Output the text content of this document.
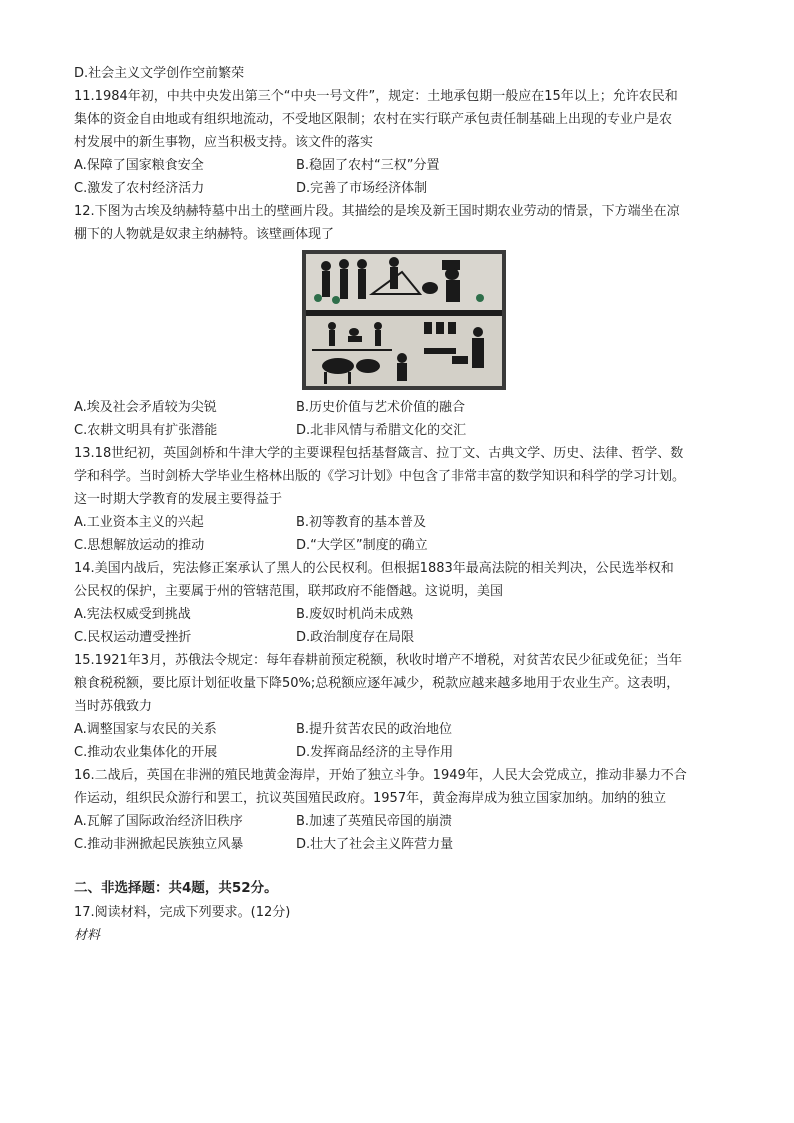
D.社会主义文学创作空前繁荣
11.1984年初，中共中央发出第三个“中央一号文件”，规定：土地承包期一般应在15年以上；允许农民和
集体的资金自由地或有组织地流动，不受地区限制；农村在实行联产承包责任制基础上出现的专业户是农
村发展中的新生事物，应当积极支持。该文件的落实
A.保障了国家粮食安全	B.稳固了农村“三权”分置
C.激发了农村经济活力	D.完善了市场经济体制
12.下图为古埃及纳赫特墓中出土的壁画片段。其描绘的是埃及新王国时期农业劳动的情景，下方端坐在凉
棚下的人物就是奴隶主纳赫特。该壁画体现了
A.埃及社会矛盾较为尖锐	B.历史价值与艺术价值的融合
C.农耕文明具有扩张潜能	D.北非风情与希腊文化的交汇
13.18世纪初，英国剑桥和牛津大学的主要课程包括基督箴言、拉丁文、古典文学、历史、法律、哲学、数
学和科学。当时剑桥大学毕业生格林出版的《学习计划》中包含了非常丰富的数学知识和科学的学习计划。
这一时期大学教育的发展主要得益于
A.工业资本主义的兴起	B.初等教育的基本普及
C.思想解放运动的推动	D.“大学区”制度的确立
14.美国内战后，宪法修正案承认了黑人的公民权利。但根据1883年最高法院的相关判决，公民选举权和
公民权的保护，主要属于州的管辖范围，联邦政府不能僭越。这说明，美国
A.宪法权威受到挑战	B.废奴时机尚未成熟
C.民权运动遭受挫折	D.政治制度存在局限
15.1921年3月，苏俄法令规定：每年春耕前预定税额，秋收时增产不增税，对贫苦农民少征或免征；当年
粮食税税额，要比原计划征收量下降50%;总税额应逐年减少，税款应越来越多地用于农业生产。这表明，
当时苏俄致力
A.调整国家与农民的关系	B.提升贫苦农民的政治地位
C.推动农业集体化的开展	D.发挥商品经济的主导作用
16.二战后，英国在非洲的殖民地黄金海岸，开始了独立斗争。1949年，人民大会党成立，推动非暴力不合
作运动，组织民众游行和罢工，抗议英国殖民政府。1957年，黄金海岸成为独立国家加纳。加纳的独立
A.瓦解了国际政治经济旧秩序	B.加速了英殖民帝国的崩溃
C.推动非洲掀起民族独立风暴	D.壮大了社会主义阵营力量
二、非选择题：共4题，共52分。
17.阅读材料，完成下列要求。(12分)
材料
